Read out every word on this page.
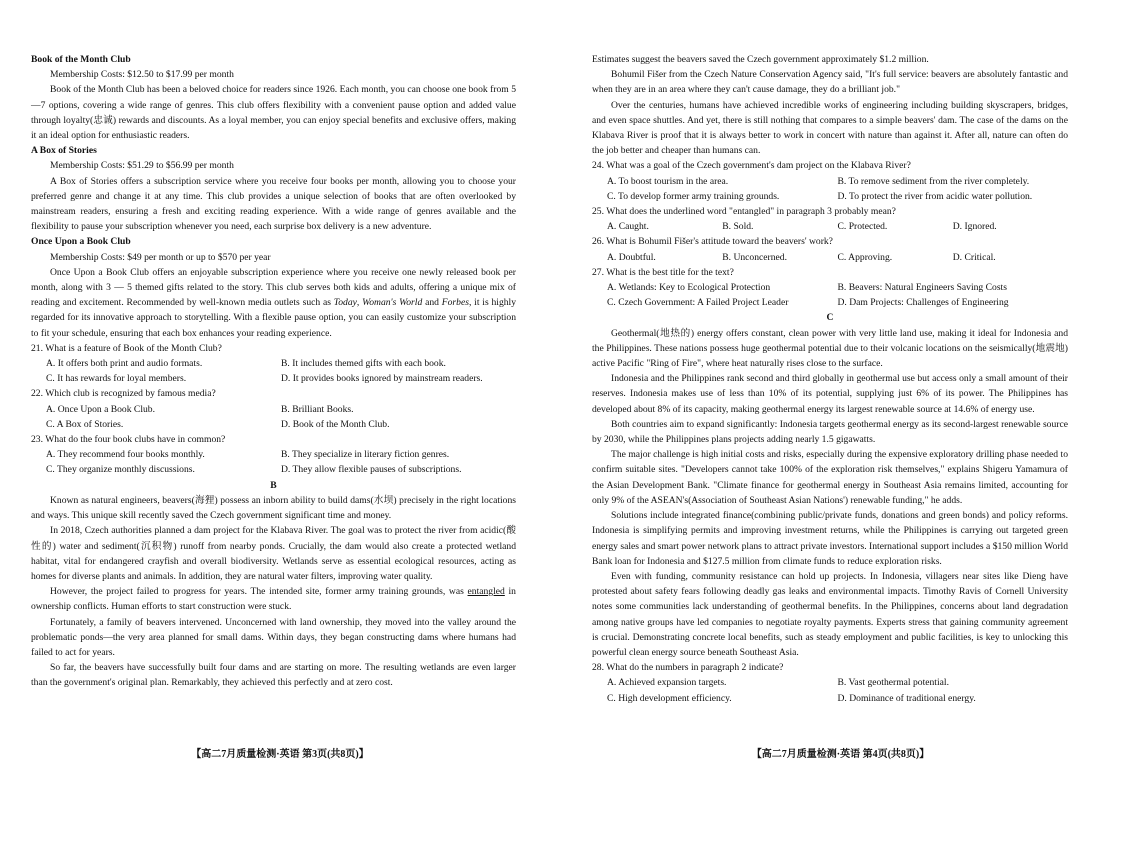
Book of the Month Club

Membership Costs: $12.50 to $17.99 per month

Book of the Month Club has been a beloved choice for readers since 1926. Each month, you can choose one book from 5—7 options, covering a wide range of genres. This club offers flexibility with a convenient pause option and added value through loyalty(忠诚) rewards and discounts. As a loyal member, you can enjoy special benefits and exclusive offers, making it an ideal option for enthusiastic readers.

A Box of Stories

Membership Costs: $51.29 to $56.99 per month

A Box of Stories offers a subscription service where you receive four books per month, allowing you to choose your preferred genre and change it at any time. This club provides a unique selection of books that are often overlooked by mainstream readers, ensuring a fresh and exciting reading experience. With a wide range of genres available and the flexibility to pause your subscription whenever you need, each surprise box delivery is a new adventure.

Once Upon a Book Club

Membership Costs: $49 per month or up to $570 per year

Once Upon a Book Club offers an enjoyable subscription experience where you receive one newly released book per month, along with 3 — 5 themed gifts related to the story. This club serves both kids and adults, offering a unique mix of reading and excitement. Recommended by well-known media outlets such as Today, Woman's World and Forbes, it is highly regarded for its innovative approach to storytelling. With a flexible pause option, you can easily customize your subscription to fit your schedule, ensuring that each box enhances your reading experience.

21. What is a feature of Book of the Month Club?

A. It offers both print and audio formats.	B. It includes themed gifts with each book.
C. It has rewards for loyal members.	D. It provides books ignored by mainstream readers.

22. Which club is recognized by famous media?

A. Once Upon a Book Club.	B. Brilliant Books.
C. A Box of Stories.	D. Book of the Month Club.

23. What do the four book clubs have in common?

A. They recommend four books monthly.	B. They specialize in literary fiction genres.
C. They organize monthly discussions.	D. They allow flexible pauses of subscriptions.

B

Known as natural engineers, beavers(海狸) possess an inborn ability to build dams(水坝) precisely in the right locations and ways. This unique skill recently saved the Czech government significant time and money.

In 2018, Czech authorities planned a dam project for the Klabava River. The goal was to protect the river from acidic(酸性的) water and sediment(沉积物) runoff from nearby ponds. Crucially, the dam would also create a protected wetland habitat, vital for endangered crayfish and overall biodiversity. Wetlands serve as essential ecological resources, acting as homes for diverse plants and animals. In addition, they are natural water filters, improving water quality.

However, the project failed to progress for years. The intended site, former army training grounds, was entangled in ownership conflicts. Human efforts to start construction were stuck.

Fortunately, a family of beavers intervened. Unconcerned with land ownership, they moved into the valley around the problematic ponds—the very area planned for small dams. Within days, they began constructing dams where humans had failed to act for years.

So far, the beavers have successfully built four dams and are starting on more. The resulting wetlands are even larger than the government's original plan. Remarkably, they achieved this perfectly and at zero cost.

Estimates suggest the beavers saved the Czech government approximately $1.2 million.

Bohumil Fišer from the Czech Nature Conservation Agency said, "It's full service: beavers are absolutely fantastic and when they are in an area where they can't cause damage, they do a brilliant job."

Over the centuries, humans have achieved incredible works of engineering including building skyscrapers, bridges, and even space shuttles. And yet, there is still nothing that compares to a simple beavers' dam. The case of the dams on the Klabava River is proof that it is always better to work in concert with nature than against it. After all, nature can often do the job better and cheaper than humans can.

24. What was a goal of the Czech government's dam project on the Klabava River?

A. To boost tourism in the area.	B. To remove sediment from the river completely.
C. To develop former army training grounds.	D. To protect the river from acidic water pollution.

25. What does the underlined word "entangled" in paragraph 3 probably mean?

A. Caught.	B. Sold.	C. Protected.	D. Ignored.

26. What is Bohumil Fišer's attitude toward the beavers' work?

A. Doubtful.	B. Unconcerned.	C. Approving.	D. Critical.

27. What is the best title for the text?

A. Wetlands: Key to Ecological Protection	B. Beavers: Natural Engineers Saving Costs
C. Czech Government: A Failed Project Leader	D. Dam Projects: Challenges of Engineering

C

Geothermal(地热的) energy offers constant, clean power with very little land use, making it ideal for Indonesia and the Philippines. These nations possess huge geothermal potential due to their volcanic locations on the seismically(地震地) active Pacific "Ring of Fire", where heat naturally rises close to the surface.

Indonesia and the Philippines rank second and third globally in geothermal use but access only a small amount of their reserves. Indonesia makes use of less than 10% of its potential, supplying just 6% of its power. The Philippines has developed about 8% of its capacity, making geothermal energy its largest renewable source at 14.6% of energy use.

Both countries aim to expand significantly: Indonesia targets geothermal energy as its second-largest renewable source by 2030, while the Philippines plans projects adding nearly 1.5 gigawatts.

The major challenge is high initial costs and risks, especially during the expensive exploratory drilling phase needed to confirm suitable sites. "Developers cannot take 100% of the exploration risk themselves," explains Shigeru Yamamura of the Asian Development Bank. "Climate finance for geothermal energy in Southeast Asia remains limited, accounting for only 9% of the ASEAN's(Association of Southeast Asian Nations') renewable funding," he adds.

Solutions include integrated finance(combining public/private funds, donations and green bonds) and policy reforms. Indonesia is simplifying permits and improving investment returns, while the Philippines is carrying out targeted green energy sales and smart power network plans to attract private investors. International support includes a $150 million World Bank loan for Indonesia and $127.5 million from climate funds to reduce exploration risks.

Even with funding, community resistance can hold up projects. In Indonesia, villagers near sites like Dieng have protested about safety fears following deadly gas leaks and environmental impacts. Timothy Ravis of Cornell University notes some communities lack understanding of geothermal benefits. In the Philippines, concerns about land degradation among native groups have led companies to negotiate royalty payments. Experts stress that gaining community agreement is crucial. Demonstrating concrete local benefits, such as steady employment and public facilities, is key to unlocking this powerful clean energy source beneath Southeast Asia.

28. What do the numbers in paragraph 2 indicate?

A. Achieved expansion targets.	B. Vast geothermal potential.
C. High development efficiency.	D. Dominance of traditional energy.
【高二7月质量检测·英语 第3页(共8页)】	【高二7月质量检测·英语 第4页(共8页)】
